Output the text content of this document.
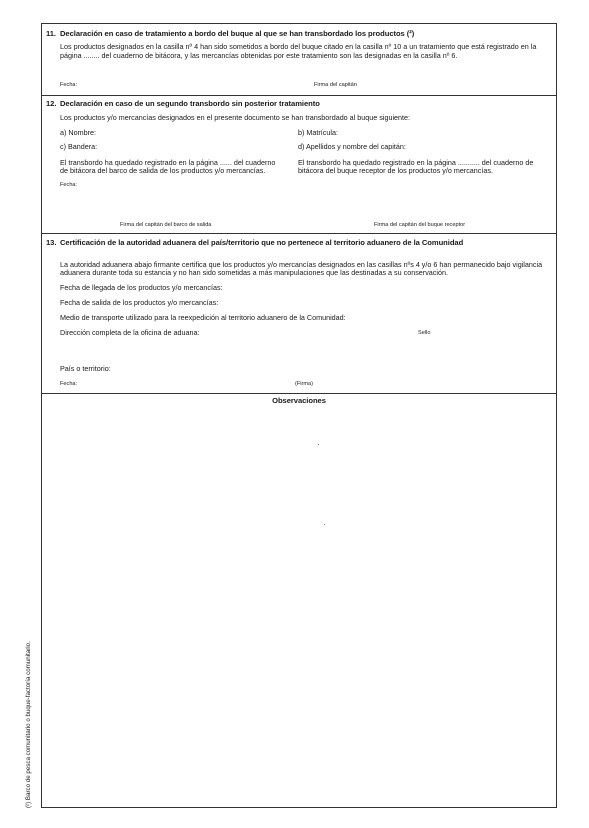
11. Declaración en caso de tratamiento a bordo del buque al que se han transbordado los productos (²)
Los productos designados en la casilla nº 4 han sido sometidos a bordo del buque citado en la casilla nº 10 a un tratamiento que está registrado en la
página ........ del cuaderno de bitácora, y las mercancías obtenidas por este tratamiento son las designadas en la casilla nº 6.
Fecha:	Firma del capitán
12. Declaración en caso de un segundo transbordo sin posterior tratamiento
Los productos y/o mercancías designados en el presente documento se han transbordado al buque siguiente:
a) Nombre:	b) Matrícula:
c) Bandera:	d) Apellidos y nombre del capitán:
El transbordo ha quedado registrado en la página ...... del cuaderno
de bitácora del barco de salida de los productos y/o mercancías.
El transbordo ha quedado registrado en la página ........... del cuaderno de
bitácora del buque receptor de los productos y/o mercancías.
Fecha:
Firma del capitán del barco de salida	Firma del capitán del buque receptor
13. Certificación de la autoridad aduanera del país/territorio que no pertenece al territorio aduanero de la Comunidad
La autoridad aduanera abajo firmante certifica que los productos y/o mercancías designados en las casillas nºs 4 y/o 6 han permanecido bajo vigilancia
aduanera durante toda su estancia y no han sido sometidas a más manipulaciones que las destinadas a su conservación.
Fecha de llegada de los productos y/o mercancías:
Fecha de salida de los productos y/o mercancías:
Medio de transporte utilizado para la reexpedición al territorio aduanero de la Comunidad:
Dirección completa de la oficina de aduana:	Sello
País o territorio:
Fecha:	(Firma)
Observaciones
(²) Barco de pesca comunitario o buque-factoría comunitario.
